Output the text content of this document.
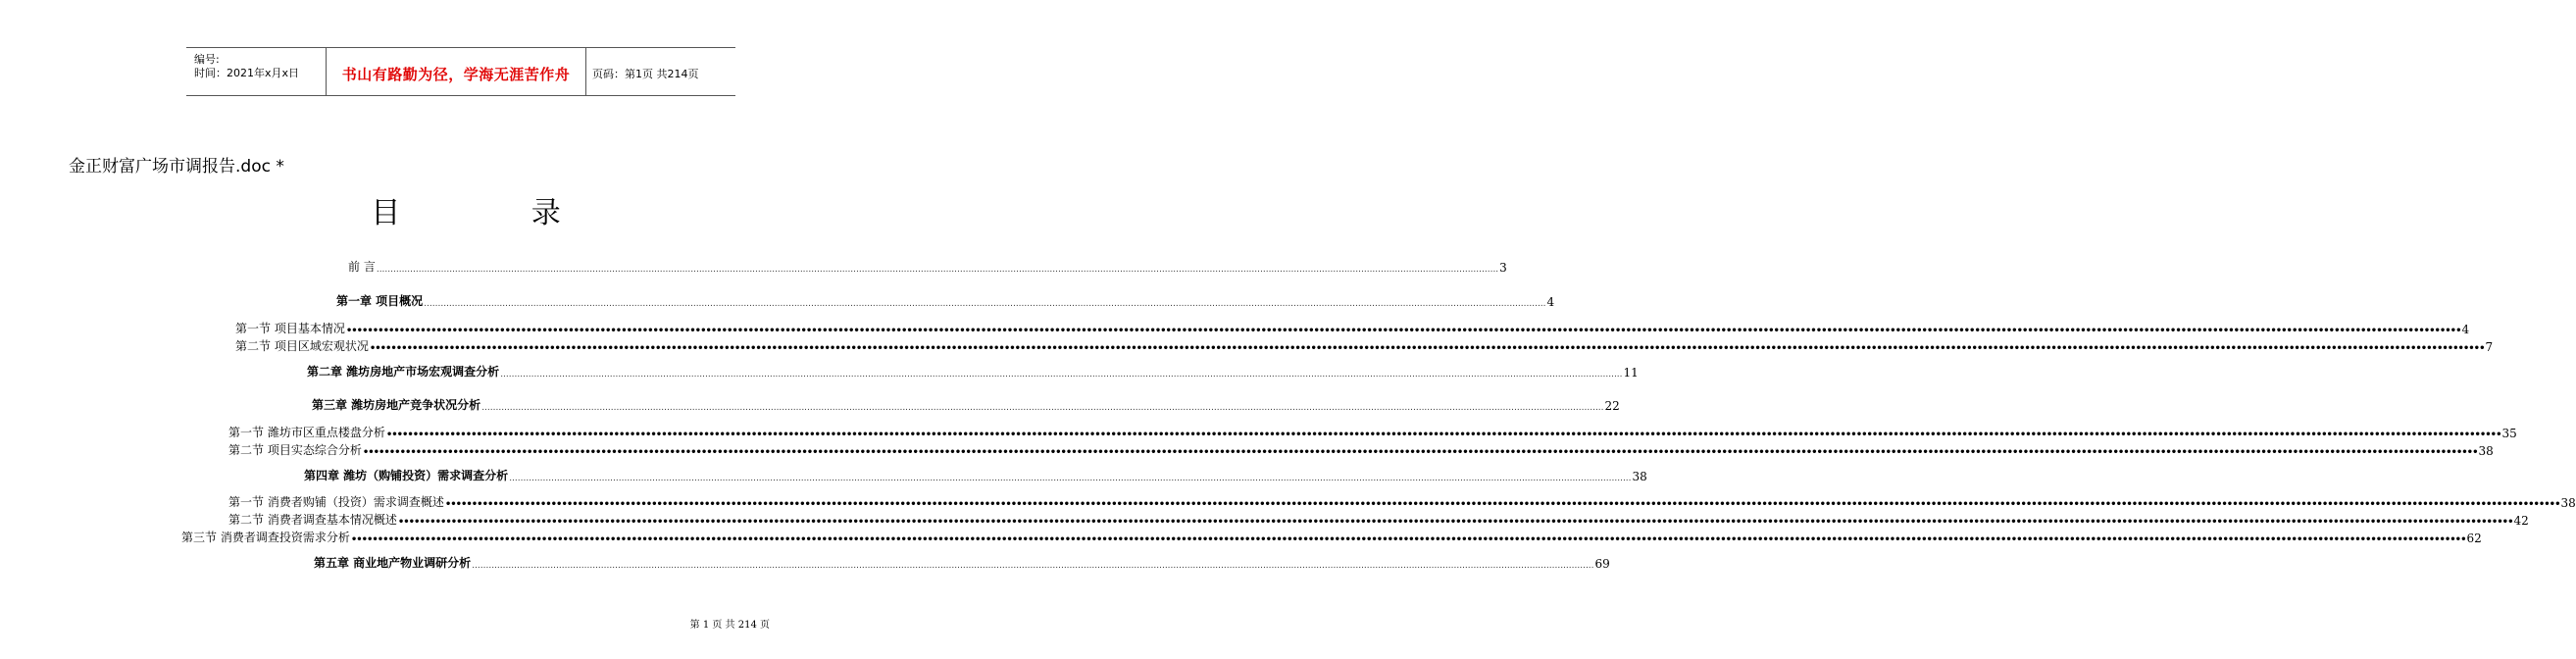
编号:
时间：2021年x月x日	书山有路勤为径，学海无涯苦作舟	页码：第1页 共214页
金正财富广场市调报告.doc *
目 录
前 言 ................................................................................................................................................................................................................................................................................................................................................................................................................ 3
第一章 项目概况 ................................................................................................................................................................................................................................................................................................................................................................................................................ 4
第一节 项目基本情况 •••••••••••••••••••••••••••••••••••••••••••••••••••••••••••••••••••••••••••••••••••••••••••••••••••••••••••••••••••••••••••••••••••••••••••••••••••••••••••••••••••••••••••••••••••••••••••••••••••••••••••••••••••••••••••••••••••••••••••••••••••••••••••••••••••••••••••••••••••••••••••••••••••••••••••••••••••••••••••••••••••••••••••••••••••••••••••••••••••••••••••••••••••••••••••••••••••••••••••••••• 4
第二节 项目区域宏观状况 •••••••••••••••••••••••••••••••••••••••••••••••••••••••••••••••••••••••••••••••••••••••••••••••••••••••••••••••••••••••••••••••••••••••••••••••••••••••••••••••••••••••••••••••••••••••••••••••••••••••••••••••••••••••••••••••••••••••••••••••••••••••••••••••••••••••••••••••••••••••••••••••••••••••••••••••••••••••••••••••••••••••••••••••••••••••••••••••••••••••••••••••••••••••••••••••••••••••••••••••• 7
第二章 潍坊房地产市场宏观调查分析 ................................................................................................................................................................................................................................................................................................................................................................................................................ 11
第三章 潍坊房地产竞争状况分析 ................................................................................................................................................................................................................................................................................................................................................................................................................ 22
第一节 潍坊市区重点楼盘分析 •••••••••••••••••••••••••••••••••••••••••••••••••••••••••••••••••••••••••••••••••••••••••••••••••••••••••••••••••••••••••••••••••••••••••••••••••••••••••••••••••••••••••••••••••••••••••••••••••••••••••••••••••••••••••••••••••••••••••••••••••••••••••••••••••••••••••••••••••••••••••••••••••••••••••••••••••••••••••••••••••••••••••••••••••••••••••••••••••••••••••••••••••••••••••••••••••••••••••••••••• 35
第二节 项目实态综合分析 •••••••••••••••••••••••••••••••••••••••••••••••••••••••••••••••••••••••••••••••••••••••••••••••••••••••••••••••••••••••••••••••••••••••••••••••••••••••••••••••••••••••••••••••••••••••••••••••••••••••••••••••••••••••••••••••••••••••••••••••••••••••••••••••••••••••••••••••••••••••••••••••••••••••••••••••••••••••••••••••••••••••••••••••••••••••••••••••••••••••••••••••••••••••••••••••••••••••••••••••• 38
第四章 潍坊（购铺投资）需求调查分析 ................................................................................................................................................................................................................................................................................................................................................................................................................ 38
第一节 消费者购铺（投资）需求调查概述 •••••••••••••••••••••••••••••••••••••••••••••••••••••••••••••••••••••••••••••••••••••••••••••••••••••••••••••••••••••••••••••••••••••••••••••••••••••••••••••••••••••••••••••••••••••••••••••••••••••••••••••••••••••••••••••••••••••••••••••••••••••••••••••••••••••••••••••••••••••••••••••••••••••••••••••••••••••••••••••••••••••••••••••••••••••••••••••••••••••••••••••••••••••••••••••••••••••••••••••••• 38
第二节 消费者调查基本情况概述 •••••••••••••••••••••••••••••••••••••••••••••••••••••••••••••••••••••••••••••••••••••••••••••••••••••••••••••••••••••••••••••••••••••••••••••••••••••••••••••••••••••••••••••••••••••••••••••••••••••••••••••••••••••••••••••••••••••••••••••••••••••••••••••••••••••••••••••••••••••••••••••••••••••••••••••••••••••••••••••••••••••••••••••••••••••••••••••••••••••••••••••••••••••••••••••••••••••••••••••••• 42
第三节 消费者调查投资需求分析 •••••••••••••••••••••••••••••••••••••••••••••••••••••••••••••••••••••••••••••••••••••••••••••••••••••••••••••••••••••••••••••••••••••••••••••••••••••••••••••••••••••••••••••••••••••••••••••••••••••••••••••••••••••••••••••••••••••••••••••••••••••••••••••••••••••••••••••••••••••••••••••••••••••••••••••••••••••••••••••••••••••••••••••••••••••••••••••••••••••••••••••••••••••••••••••••••••••••••••••••• 62
第五章 商业地产物业调研分析 ................................................................................................................................................................................................................................................................................................................................................................................................................ 69
第 1 页 共 214 页
